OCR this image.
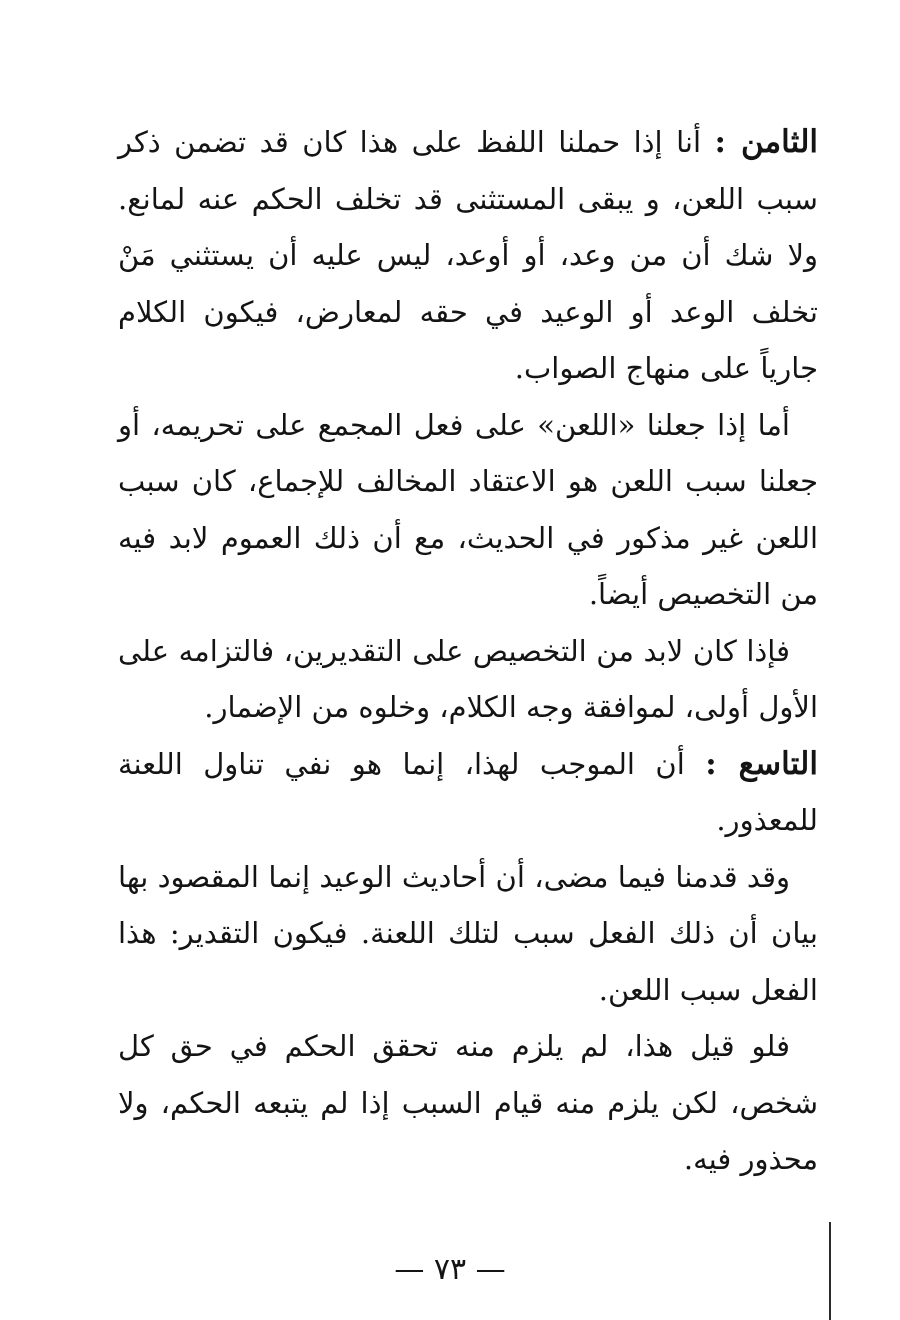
الثامن : أنا إذا حملنا اللفظ على هذا كان قد تضمن ذكر سبب اللعن، و يبقى المستثنى قد تخلف الحكم عنه لمانع. ولا شك أن من وعد، أو أوعد، ليس عليه أن يستثني مَنْ تخلف الوعد أو الوعيد في حقه لمعارض، فيكون الكلام جارياً على منهاج الصواب.

أما إذا جعلنا «اللعن» على فعل المجمع على تحريمه، أو جعلنا سبب اللعن هو الاعتقاد المخالف للإجماع، كان سبب اللعن غير مذكور في الحديث، مع أن ذلك العموم لابد فيه من التخصيص أيضاً.

فإذا كان لابد من التخصيص على التقديرين، فالتزامه على الأول أولى، لموافقة وجه الكلام، وخلوه من الإضمار.

التاسع : أن الموجب لهذا، إنما هو نفي تناول اللعنة للمعذور.

وقد قدمنا فيما مضى، أن أحاديث الوعيد إنما المقصود بها بيان أن ذلك الفعل سبب لتلك اللعنة. فيكون التقدير: هذا الفعل سبب اللعن.

فلو قيل هذا، لم يلزم منه تحقق الحكم في حق كل شخص، لكن يلزم منه قيام السبب إذا لم يتبعه الحكم، ولا محذور فيه.

— ٧٣ —
